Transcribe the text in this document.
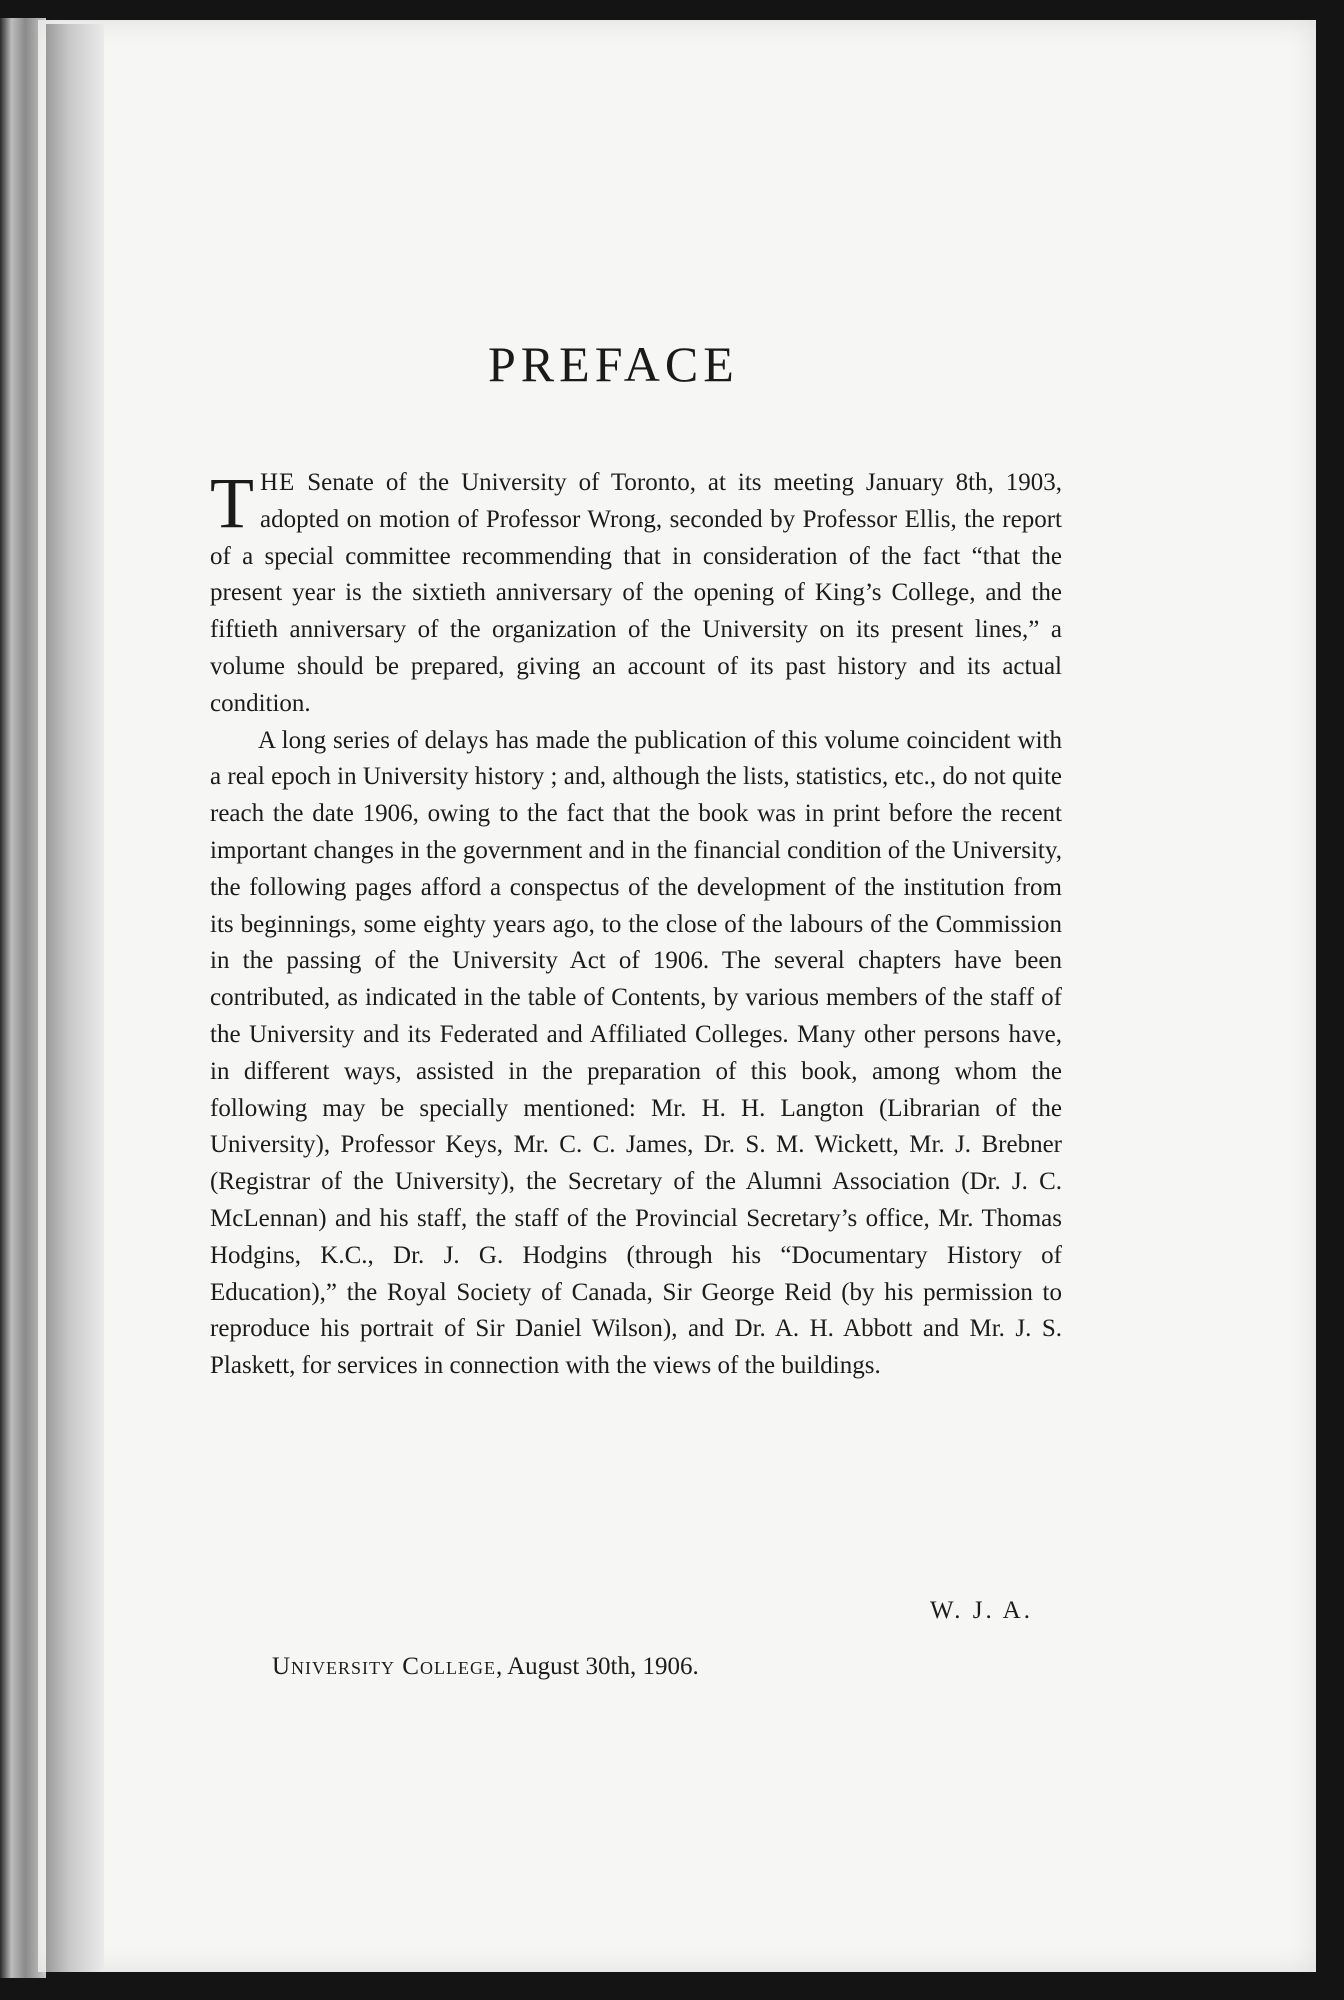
PREFACE

THE Senate of the University of Toronto, at its meeting January 8th, 1903, adopted on motion of Professor Wrong, seconded by Professor Ellis, the report of a special committee recommending that in consideration of the fact “that the present year is the sixtieth anniversary of the opening of King’s College, and the fiftieth anniversary of the organization of the University on its present lines,” a volume should be prepared, giving an account of its past history and its actual condition.

A long series of delays has made the publication of this volume coincident with a real epoch in University history ; and, although the lists, statistics, etc., do not quite reach the date 1906, owing to the fact that the book was in print before the recent important changes in the government and in the financial condition of the University, the following pages afford a conspectus of the development of the institution from its beginnings, some eighty years ago, to the close of the labours of the Commission in the passing of the University Act of 1906. The several chapters have been contributed, as indicated in the table of Contents, by various members of the staff of the University and its Federated and Affiliated Colleges. Many other persons have, in different ways, assisted in the preparation of this book, among whom the following may be specially mentioned: Mr. H. H. Langton (Librarian of the University), Professor Keys, Mr. C. C. James, Dr. S. M. Wickett, Mr. J. Brebner (Registrar of the University), the Secretary of the Alumni Association (Dr. J. C. McLennan) and his staff, the staff of the Provincial Secretary’s office, Mr. Thomas Hodgins, K.C., Dr. J. G. Hodgins (through his “Documentary History of Education),” the Royal Society of Canada, Sir George Reid (by his permission to reproduce his portrait of Sir Daniel Wilson), and Dr. A. H. Abbott and Mr. J. S. Plaskett, for services in connection with the views of the buildings.

W. J. A.
University College, August 30th, 1906.
